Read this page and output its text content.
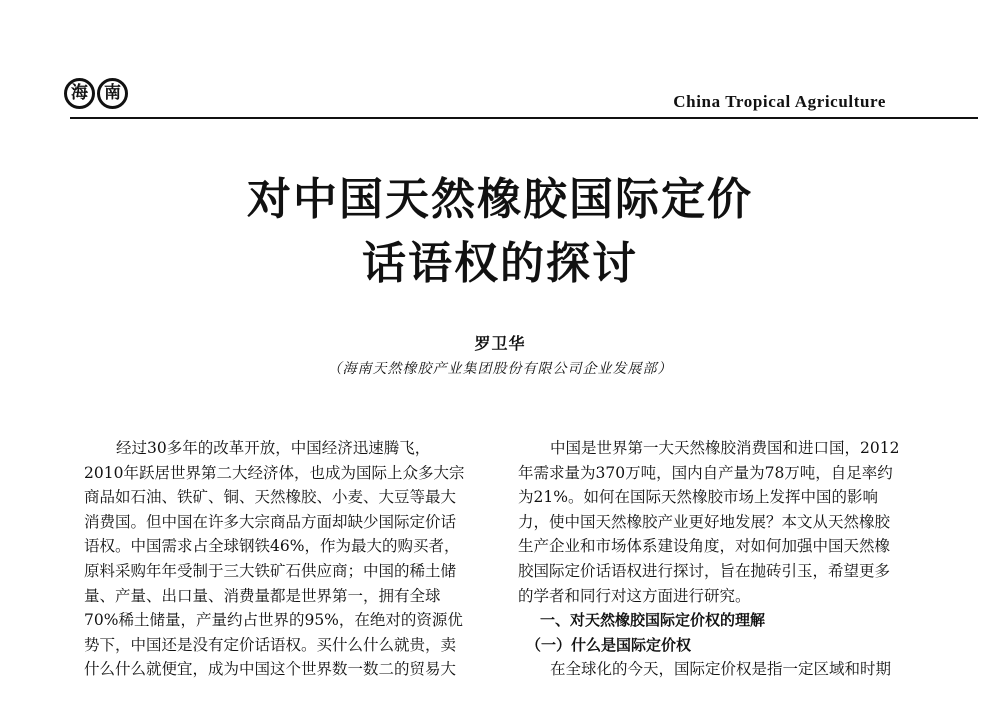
海 南	China Tropical Agriculture
对中国天然橡胶国际定价
话语权的探讨
罗卫华
（海南天然橡胶产业集团股份有限公司企业发展部）
经过30多年的改革开放，中国经济迅速腾飞，
2010年跃居世界第二大经济体，也成为国际上众多大宗
商品如石油、铁矿、铜、天然橡胶、小麦、大豆等最大
消费国。但中国在许多大宗商品方面却缺少国际定价话
语权。中国需求占全球钢铁46%，作为最大的购买者，
原料采购年年受制于三大铁矿石供应商；中国的稀土储
量、产量、出口量、消费量都是世界第一，拥有全球
70%稀土储量，产量约占世界的95%，在绝对的资源优
势下，中国还是没有定价话语权。买什么什么就贵，卖
什么什么就便宜，成为中国这个世界数一数二的贸易大
中国是世界第一大天然橡胶消费国和进口国，2012
年需求量为370万吨，国内自产量为78万吨，自足率约
为21%。如何在国际天然橡胶市场上发挥中国的影响
力，使中国天然橡胶产业更好地发展？本文从天然橡胶
生产企业和市场体系建设角度，对如何加强中国天然橡
胶国际定价话语权进行探讨，旨在抛砖引玉，希望更多
的学者和同行对这方面进行研究。
一、对天然橡胶国际定价权的理解
（一）什么是国际定价权
在全球化的今天，国际定价权是指一定区域和时期
